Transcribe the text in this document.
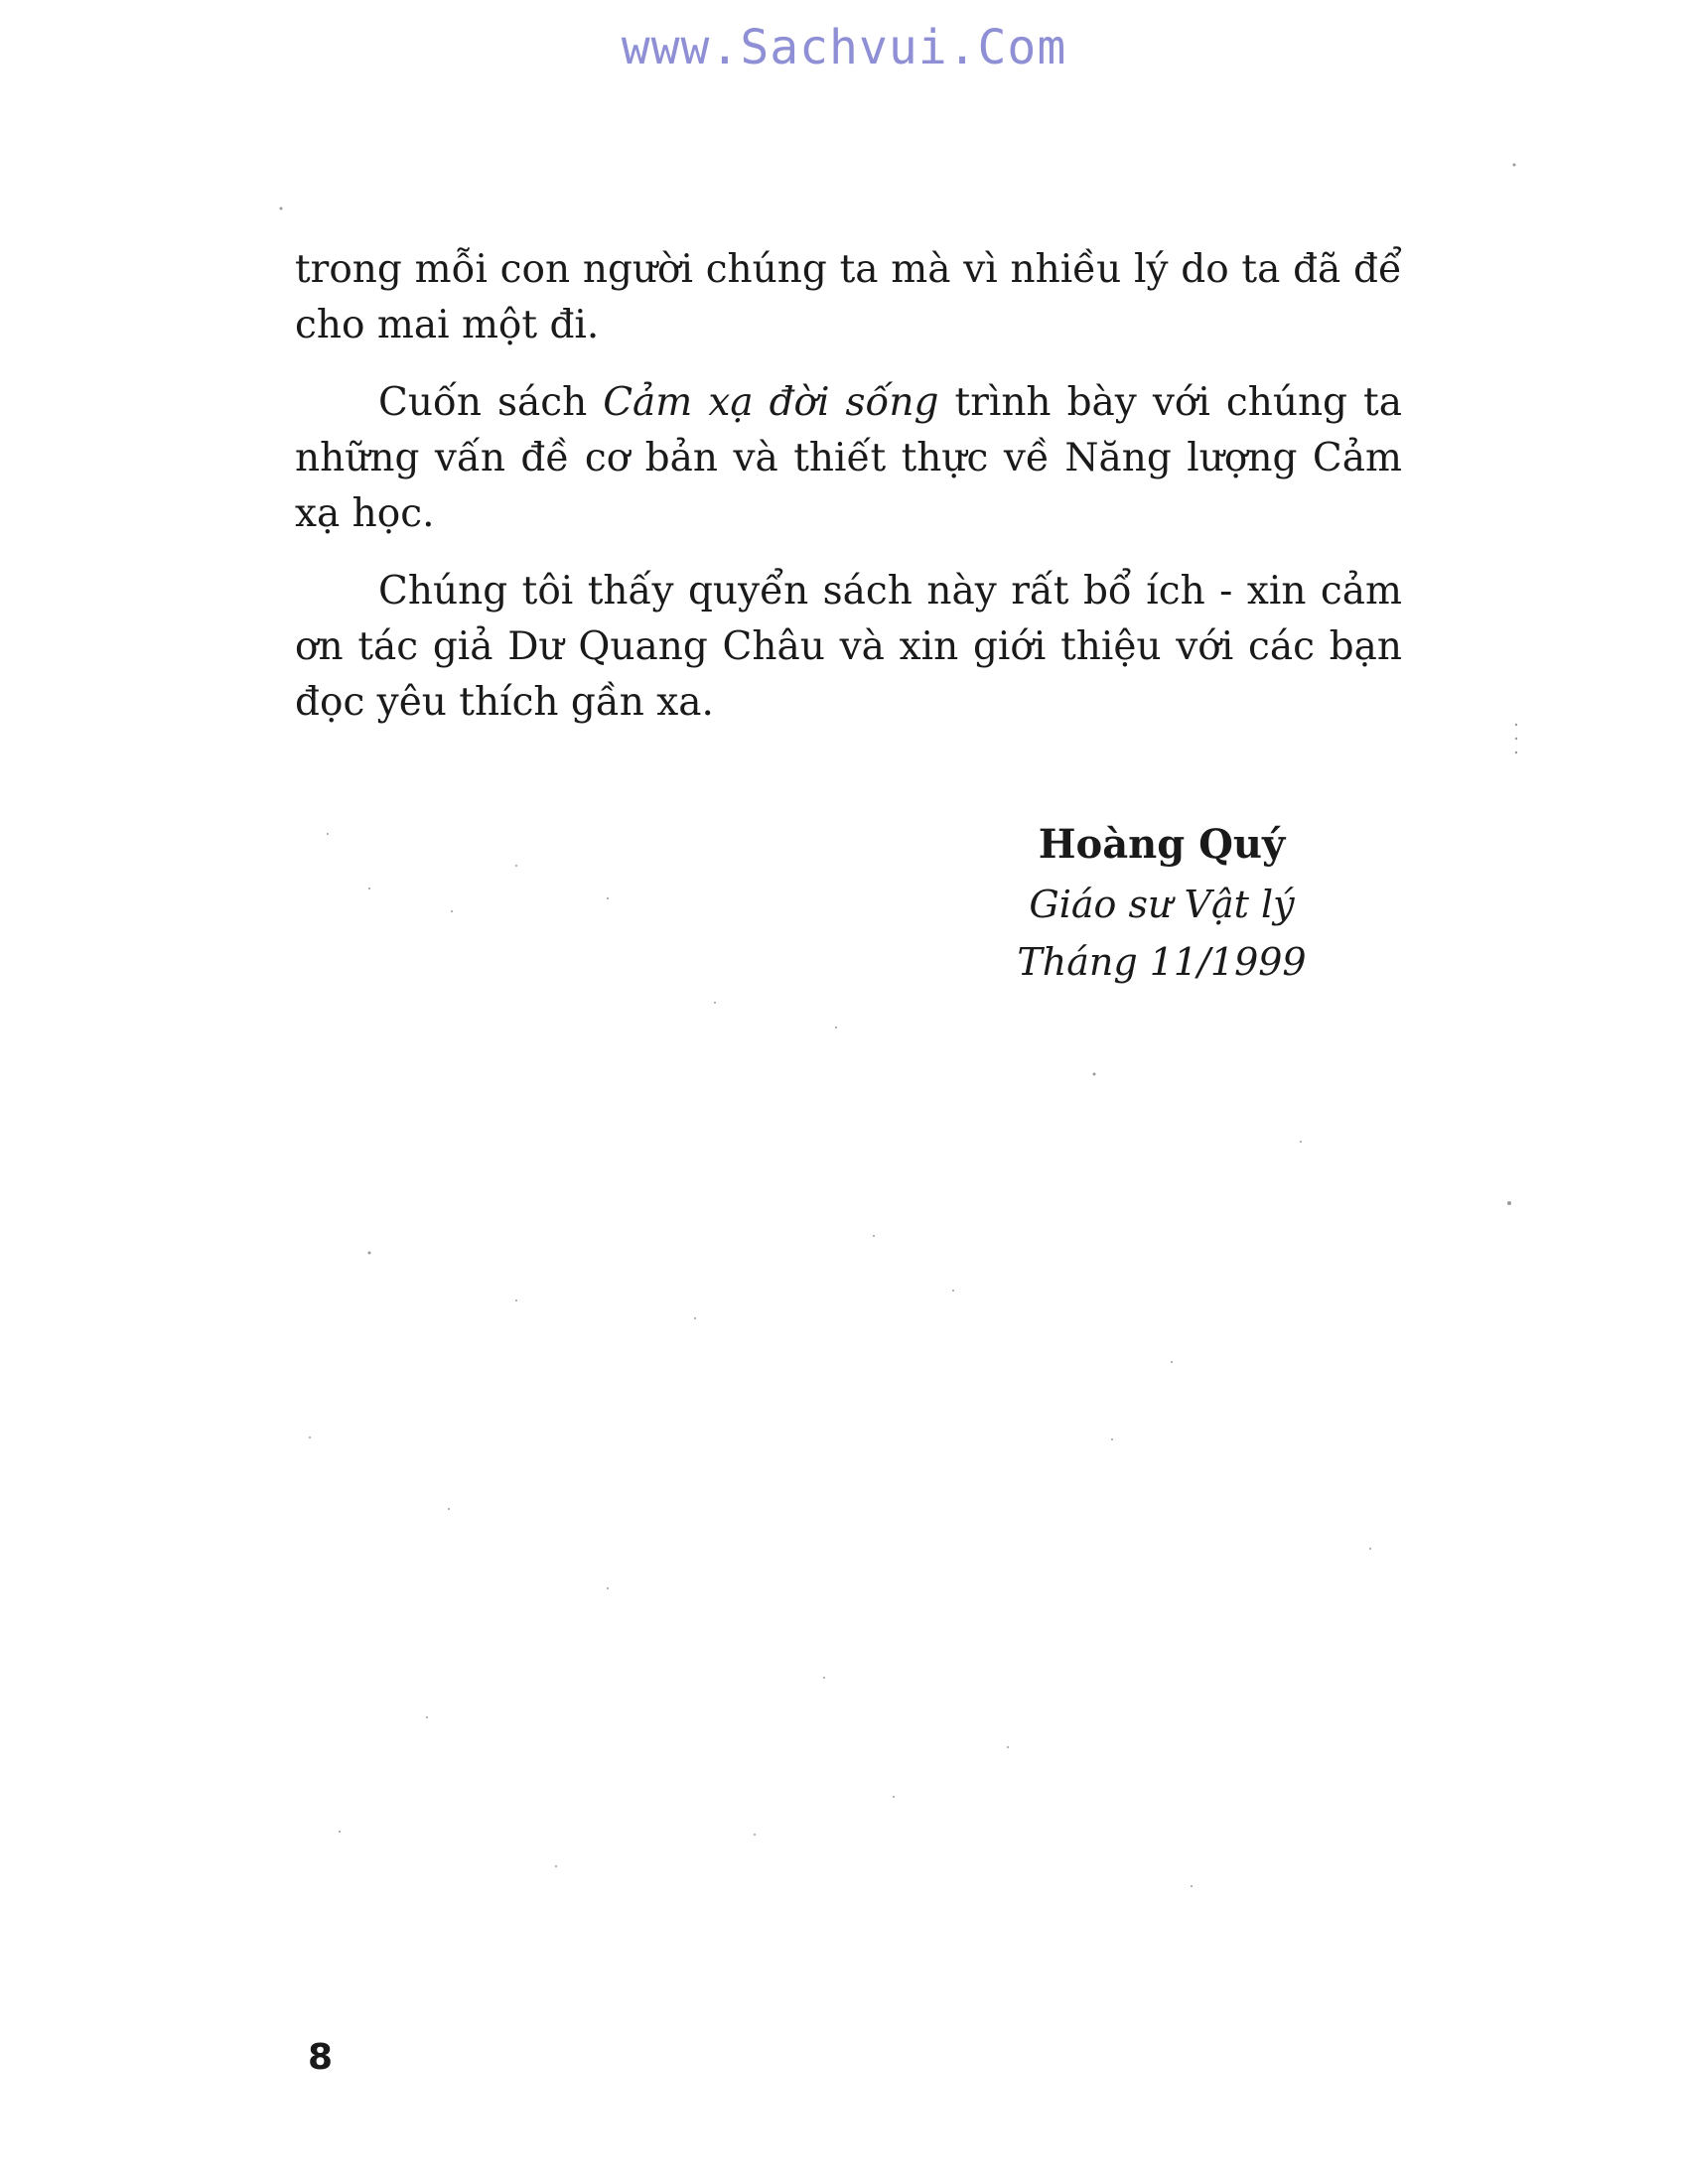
www.Sachvui.Com

trong mỗi con người chúng ta mà vì nhiều lý do ta đã để cho mai một đi.

Cuốn sách Cảm xạ đời sống trình bày với chúng ta những vấn đề cơ bản và thiết thực về Năng lượng Cảm xạ học.

Chúng tôi thấy quyển sách này rất bổ ích - xin cảm ơn tác giả Dư Quang Châu và xin giới thiệu với các bạn đọc yêu thích gần xa.

Hoàng Quý
Giáo sư Vật lý
Tháng 11/1999
8
